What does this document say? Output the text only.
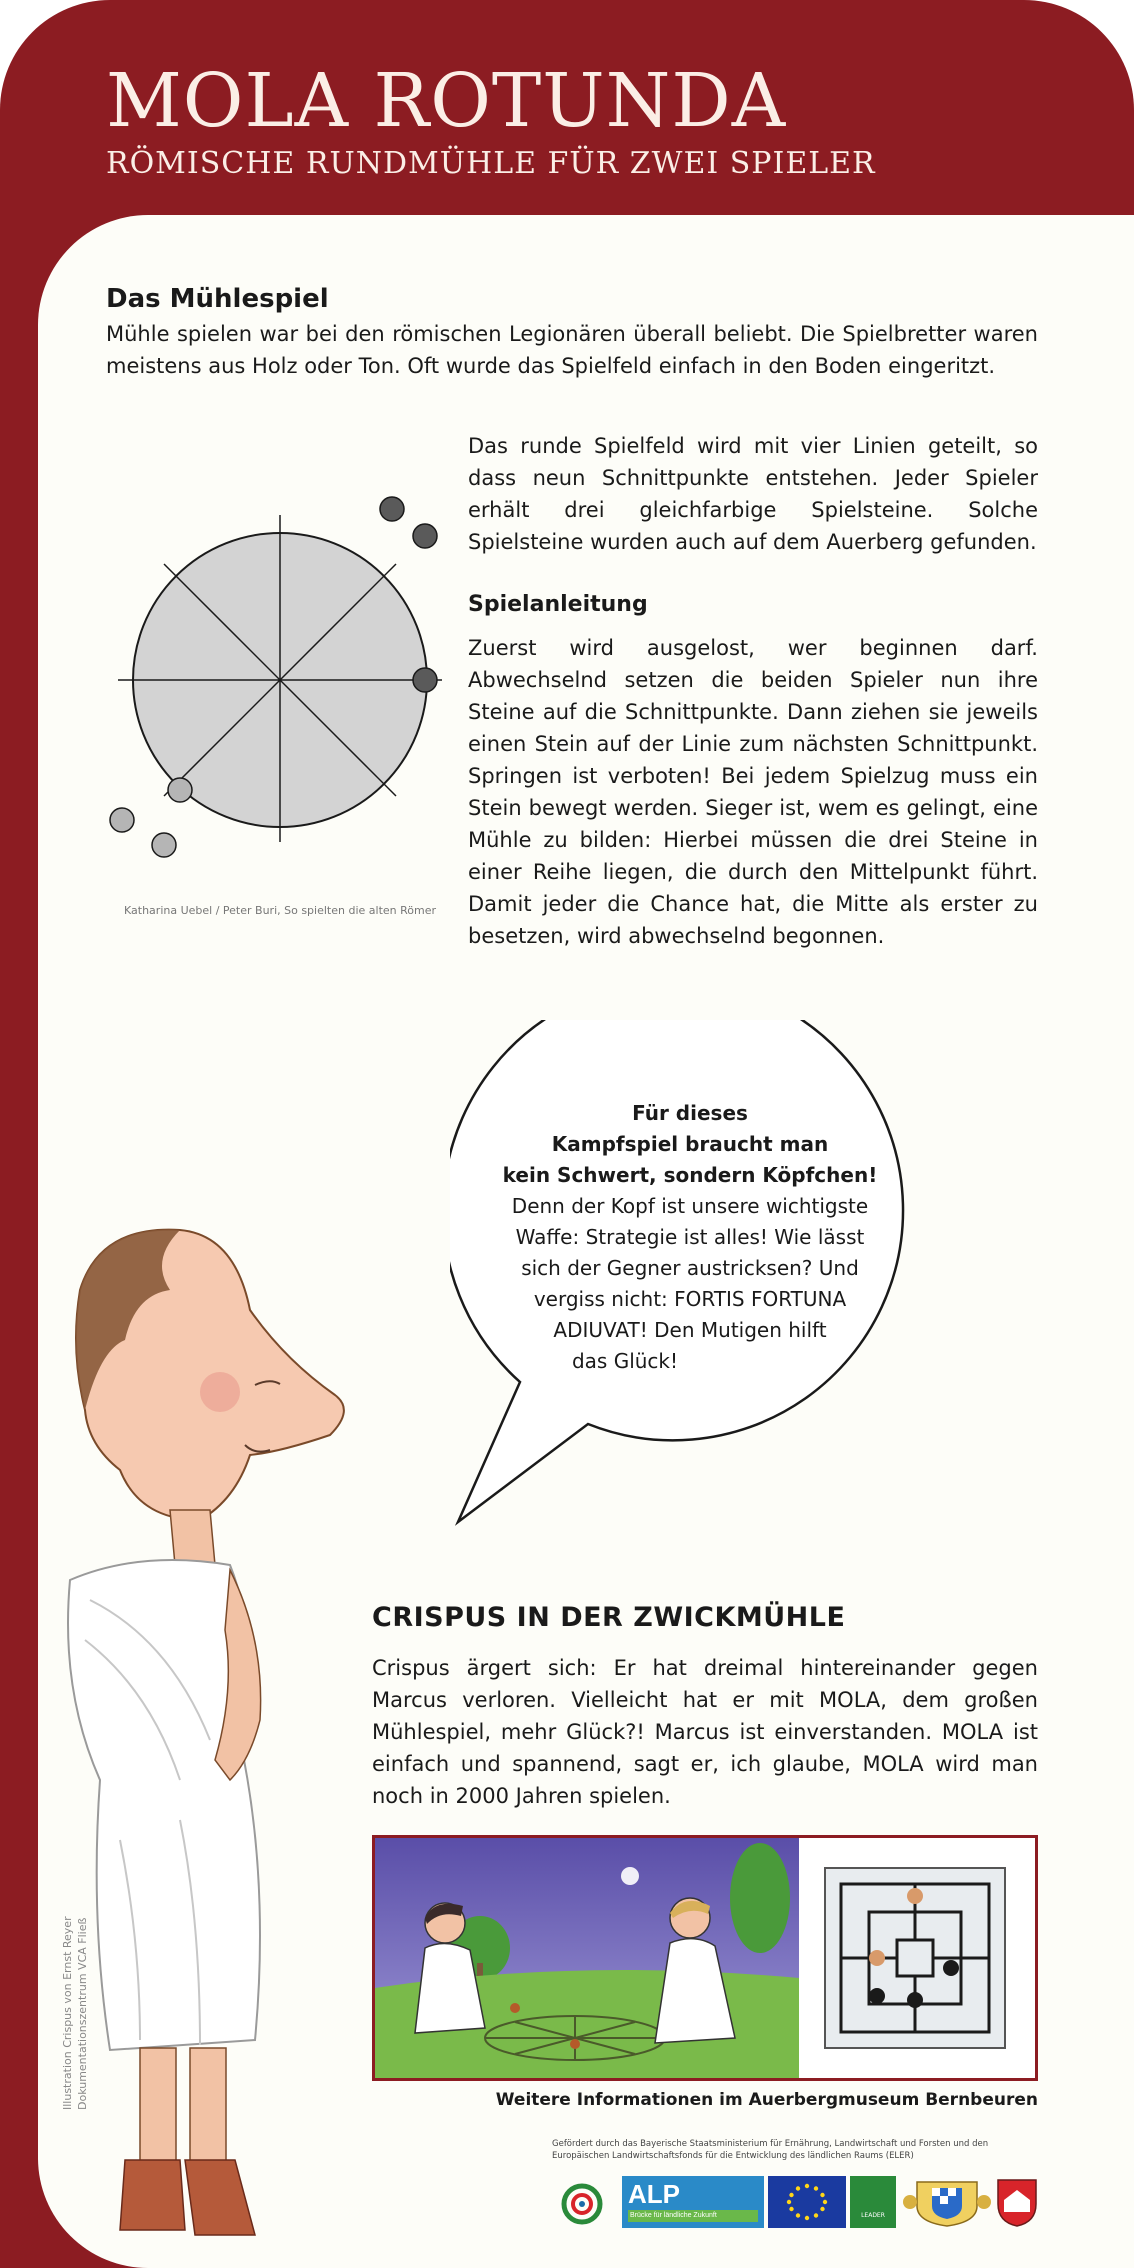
MOLA ROTUNDA
RÖMISCHE RUNDMÜHLE FÜR ZWEI SPIELER
Das Mühlespiel
Mühle spielen war bei den römischen Legionären überall beliebt. Die Spielbretter waren meistens aus Holz oder Ton. Oft wurde das Spielfeld einfach in den Boden eingeritzt.
Katharina Uebel / Peter Buri, So spielten die alten Römer
Das runde Spielfeld wird mit vier Linien geteilt, so dass neun Schnittpunkte entstehen. Jeder Spieler erhält drei gleichfarbige Spielsteine. Solche Spielsteine wurden auch auf dem Auerberg gefunden.
Spielanleitung
Zuerst wird ausgelost, wer beginnen darf. Abwechselnd setzen die beiden Spieler nun ihre Steine auf die Schnittpunkte. Dann ziehen sie jeweils einen Stein auf der Linie zum nächsten Schnittpunkt. Springen ist verboten! Bei jedem Spielzug muss ein Stein bewegt werden. Sieger ist, wem es gelingt, eine Mühle zu bilden: Hierbei müssen die drei Steine in einer Reihe liegen, die durch den Mittelpunkt führt. Damit jeder die Chance hat, die Mitte als erster zu besetzen, wird abwechselnd begonnen.
Für dieses
Kampfspiel braucht man
kein Schwert, sondern Köpfchen!
Denn der Kopf ist unsere wichtigste
Waffe: Strategie ist alles! Wie lässt
sich der Gegner austricksen? Und
vergiss nicht: FORTIS FORTUNA
ADIUVAT! Den Mutigen hilft
das Glück!
Illustration Crispus von Ernst Reyer Dokumentationszentrum VCA Fließ
CRISPUS IN DER ZWICKMÜHLE
Crispus ärgert sich: Er hat dreimal hintereinander gegen Marcus verloren. Vielleicht hat er mit MOLA, dem großen Mühlespiel, mehr Glück?! Marcus ist einverstanden. MOLA ist einfach und spannend, sagt er, ich glaube, MOLA wird man noch in 2000 Jahren spielen.
Weitere Informationen im Auerbergmuseum Bernbeuren
Gefördert durch das Bayerische Staatsministerium für Ernährung, Landwirtschaft und Forsten und den Europäischen Landwirtschaftsfonds für die Entwicklung des ländlichen Raums (ELER)
ALP
Brücke für ländliche Zukunft	LEADER
